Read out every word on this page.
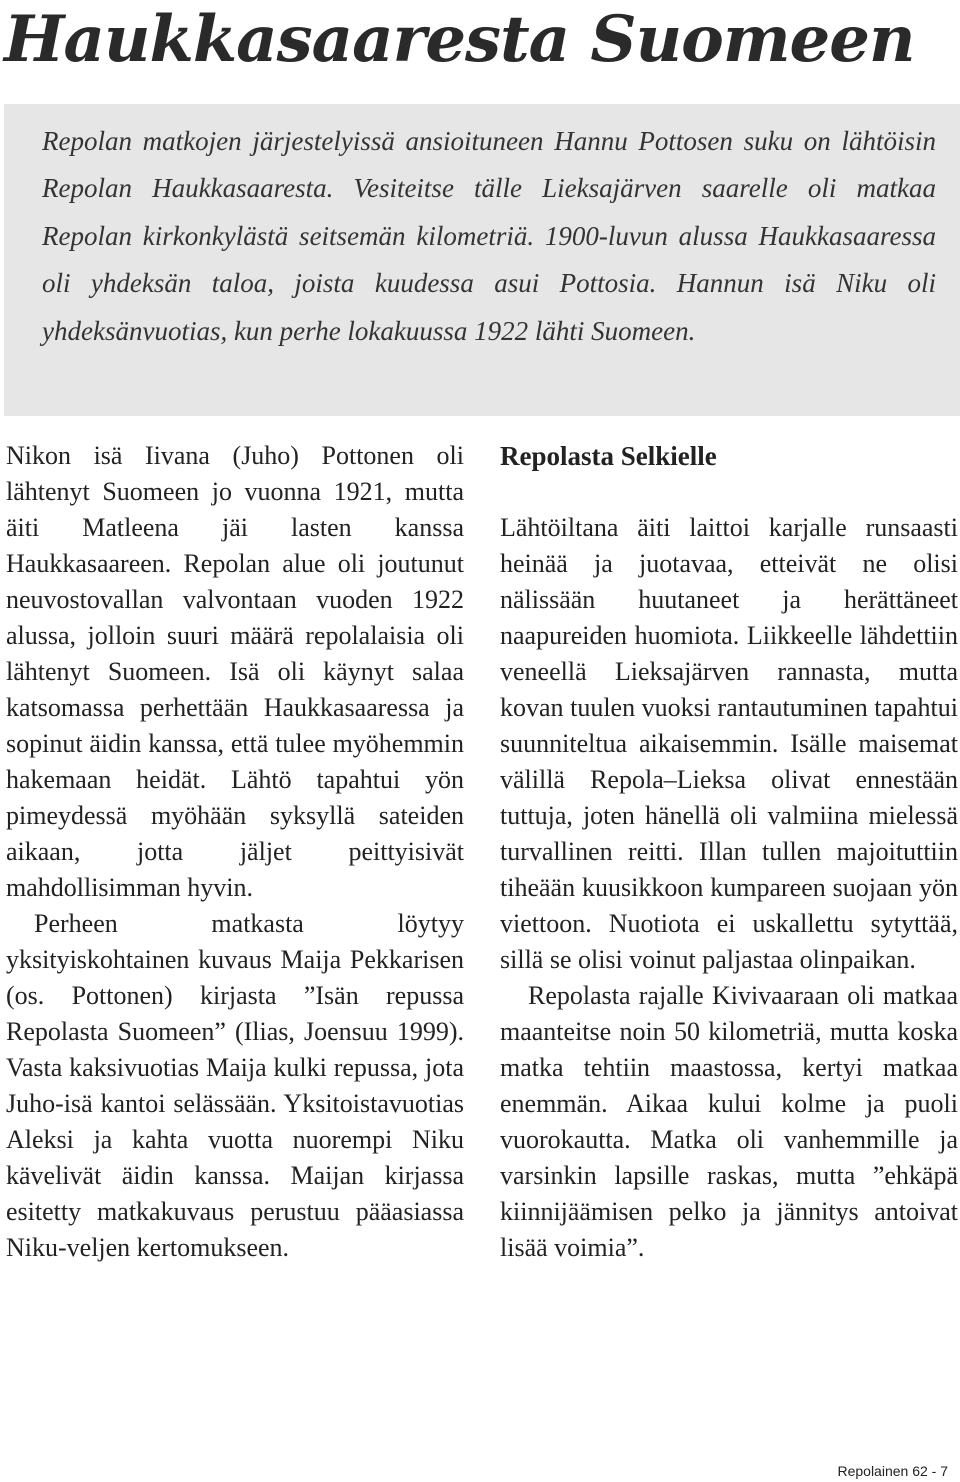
Haukkasaaresta Suomeen

Repolan matkojen järjestelyissä ansioituneen Hannu Pottosen suku on lähtöisin Repolan Haukkasaaresta. Vesiteitse tälle Lieksajärven saarelle oli matkaa Repolan kirkonkylästä seitsemän kilometriä. 1900-luvun alussa Haukkasaaressa oli yhdeksän taloa, joista kuudessa asui Pottosia. Hannun isä Niku oli yhdeksänvuotias, kun perhe lokakuussa 1922 lähti Suomeen.

Nikon isä Iivana (Juho) Pottonen oli lähtenyt Suomeen jo vuonna 1921, mutta äiti Matleena jäi lasten kanssa Haukkasaareen. Repolan alue oli joutunut neuvostovallan valvontaan vuoden 1922 alussa, jolloin suuri määrä repolalaisia oli lähtenyt Suomeen. Isä oli käynyt salaa katsomassa perhettään Haukkasaaressa ja sopinut äidin kanssa, että tulee myöhemmin hakemaan heidät. Lähtö tapahtui yön pimeydessä myöhään syksyllä sateiden aikaan, jotta jäljet peittyisivät mahdollisimman hyvin.

Perheen matkasta löytyy yksityiskohtainen kuvaus Maija Pekkarisen (os. Pottonen) kirjasta ”Isän repussa Repolasta Suomeen” (Ilias, Joensuu 1999). Vasta kaksivuotias Maija kulki repussa, jota Juho-isä kantoi selässään. Yksitoistavuotias Aleksi ja kahta vuotta nuorempi Niku kävelivät äidin kanssa. Maijan kirjassa esitetty matkakuvaus perustuu pääasiassa Niku-veljen kertomukseen.

Repolasta Selkielle

Lähtöiltana äiti laittoi karjalle runsaasti heinää ja juotavaa, etteivät ne olisi nälissään huutaneet ja herättäneet naapureiden huomiota. Liikkeelle lähdettiin veneellä Lieksajärven rannasta, mutta kovan tuulen vuoksi rantautuminen tapahtui suunniteltua aikaisemmin. Isälle maisemat välillä Repola–Lieksa olivat ennestään tuttuja, joten hänellä oli valmiina mielessä turvallinen reitti. Illan tullen majoituttiin tiheään kuusikkoon kumpareen suojaan yön viettoon. Nuotiota ei uskallettu sytyttää, sillä se olisi voinut paljastaa olinpaikan.

Repolasta rajalle Kivivaaraan oli matkaa maanteitse noin 50 kilometriä, mutta koska matka tehtiin maastossa, kertyi matkaa enemmän. Aikaa kului kolme ja puoli vuorokautta. Matka oli vanhemmille ja varsinkin lapsille raskas, mutta ”ehkäpä kiinnijäämisen pelko ja jännitys antoivat lisää voimia”.

Repolainen 62 - 7
